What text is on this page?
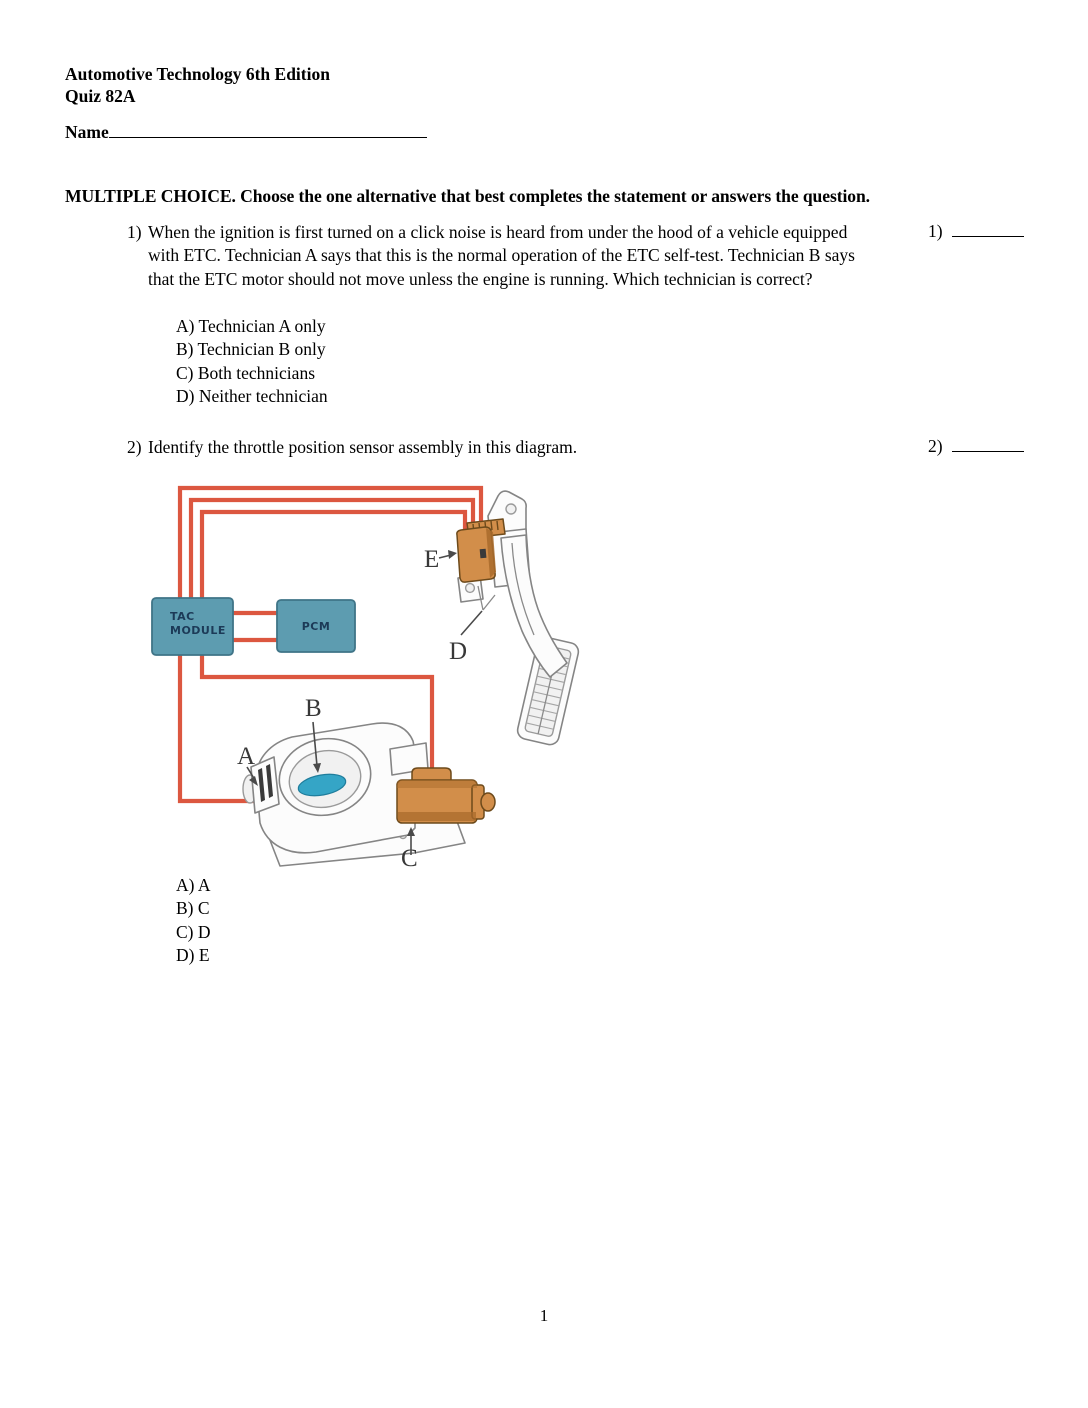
Automotive Technology 6th Edition
Quiz 82A
Name
MULTIPLE CHOICE. Choose the one alternative that best completes the statement or answers the question.
1) When the ignition is first turned on a click noise is heard from under the hood of a vehicle equipped with ETC. Technician A says that this is the normal operation of the ETC self-test. Technician B says that the ETC motor should not move unless the engine is running. Which technician is correct?
1)
A) Technician A only
B) Technician B only
C) Both technicians
D) Neither technician
2) Identify the throttle position sensor assembly in this diagram.	2)
TAC
MODULE	PCM
A
B
C
D
E
A) A
B) C
C) D
D) E
1
